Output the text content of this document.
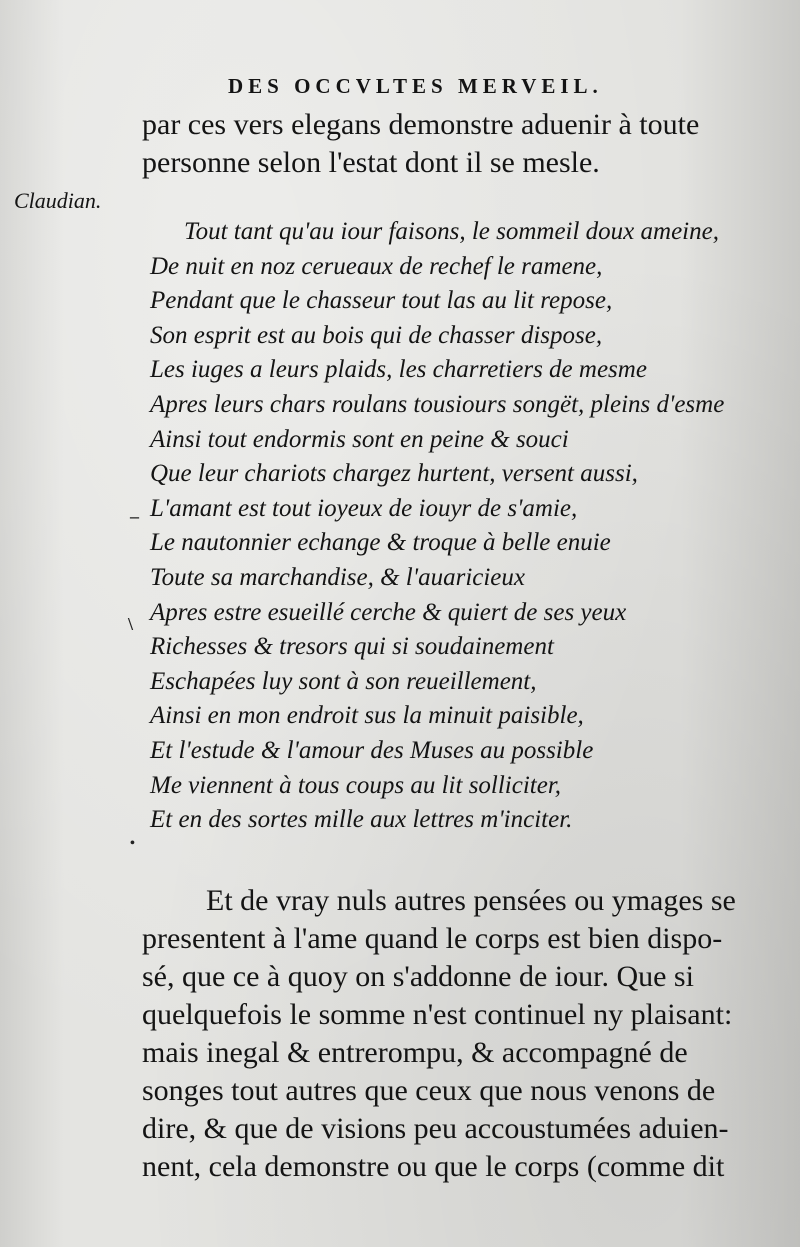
DES OCCVLTES MERVEIL.
par ces vers elegans demonstre aduenir à toute
personne selon l'estat dont il se mesle.
Claudian.
Tout tant qu'au iour faisons, le sommeil doux ameine,
De nuit en noz cerueaux de rechef le ramene,
Pendant que le chasseur tout las au lit repose,
Son esprit est au bois qui de chasser dispose,
Les iuges a leurs plaids, les charretiers de mesme
Apres leurs chars roulans tousiours songët, pleins d'esme
Ainsi tout endormis sont en peine & souci
Que leur chariots chargez hurtent, versent aussi,
L'amant est tout ioyeux de iouyr de s'amie,
Le nautonnier echange & troque à belle enuie
Toute sa marchandise, & l'auaricieux
Apres estre esueillé cerche & quiert de ses yeux
Richesses & tresors qui si soudainement
Eschapées luy sont à son reueillement,
Ainsi en mon endroit sus la minuit paisible,
Et l'estude & l'amour des Muses au possible
Me viennent à tous coups au lit solliciter,
Et en des sortes mille aux lettres m'inciter.
–
\
•
Et de vray nuls autres pensées ou ymages se
presentent à l'ame quand le corps est bien dispo-
sé, que ce à quoy on s'addonne de iour. Que si
quelquefois le somme n'est continuel ny plaisant:
mais inegal & entrerompu, & accompagné de
songes tout autres que ceux que nous venons de
dire, & que de visions peu accoustumées aduien-
nent, cela demonstre ou que le corps (comme dit
